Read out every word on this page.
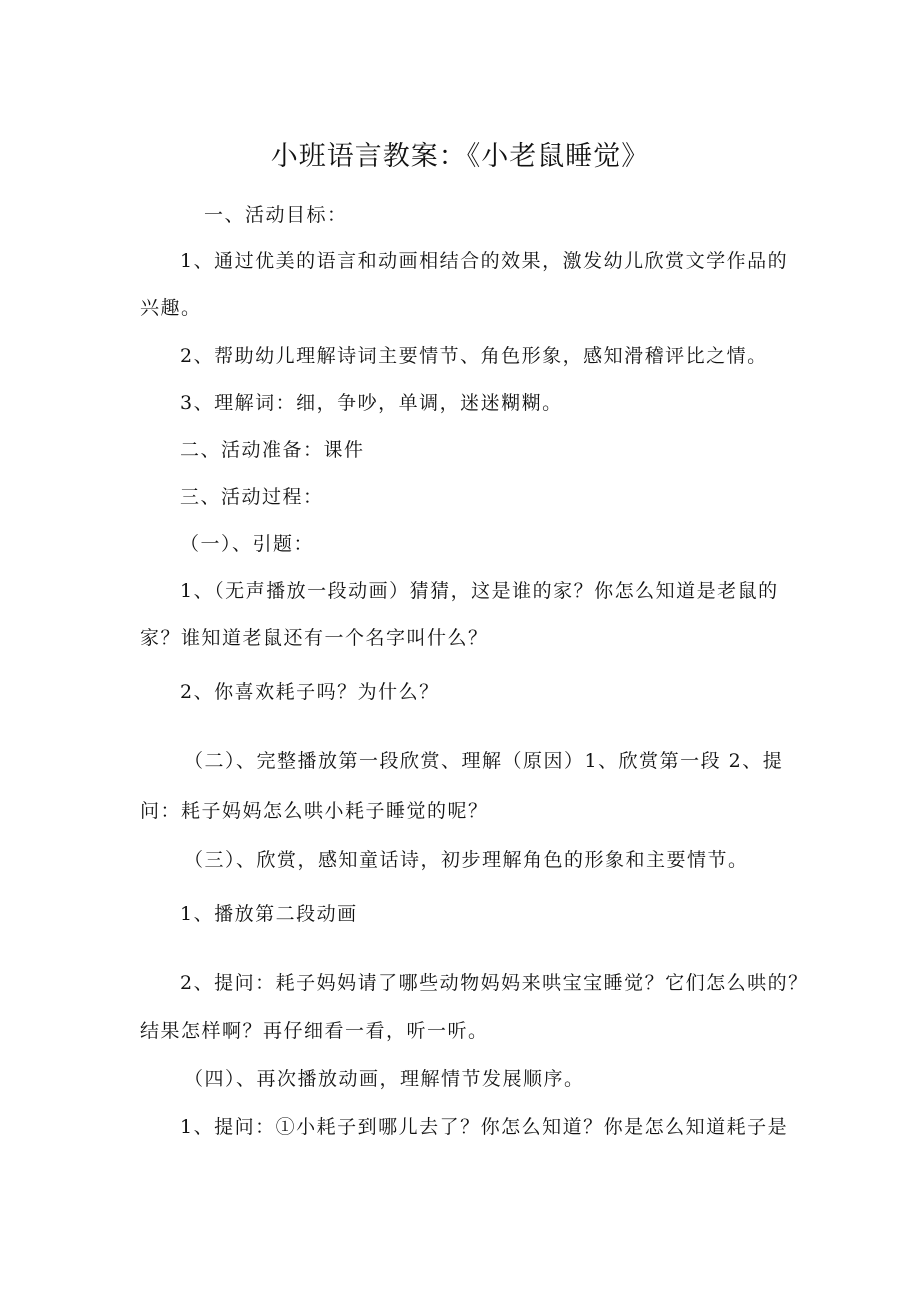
小班语言教案：《小老鼠睡觉》
一、活动目标：
1、通过优美的语言和动画相结合的效果，激发幼儿欣赏文学作品的
兴趣。
2、帮助幼儿理解诗词主要情节、角色形象，感知滑稽评比之情。
3、理解词：细，争吵，单调，迷迷糊糊。
二、活动准备：课件
三、活动过程：
（一）、引题：
1、（无声播放一段动画）猜猜，这是谁的家？你怎么知道是老鼠的
家？谁知道老鼠还有一个名字叫什么？
2、你喜欢耗子吗？为什么？
（二）、完整播放第一段欣赏、理解（原因）1、欣赏第一段 2、提
问：耗子妈妈怎么哄小耗子睡觉的呢？
（三）、欣赏，感知童话诗，初步理解角色的形象和主要情节。
1、播放第二段动画
2、提问：耗子妈妈请了哪些动物妈妈来哄宝宝睡觉？它们怎么哄的？
结果怎样啊？再仔细看一看，听一听。
（四）、再次播放动画，理解情节发展顺序。
1、提问：①小耗子到哪儿去了？你怎么知道？你是怎么知道耗子是
